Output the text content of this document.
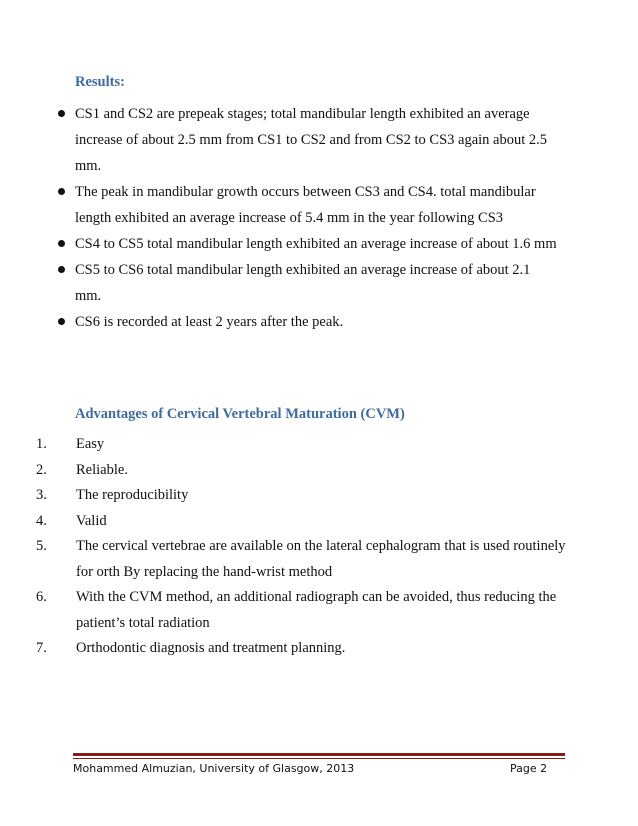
Results:
CS1 and CS2 are prepeak stages; total mandibular length exhibited an average increase of about 2.5 mm from CS1 to CS2 and from CS2 to CS3 again about 2.5 mm.
The peak in mandibular growth occurs between CS3 and CS4. total mandibular length exhibited an average increase of 5.4 mm in the year following CS3
CS4 to CS5 total mandibular length exhibited an average increase of about 1.6 mm
CS5 to CS6 total mandibular length exhibited an average increase of about 2.1 mm.
CS6 is recorded at least 2 years after the peak.
Advantages of Cervical Vertebral Maturation (CVM)
1.	Easy
2.	Reliable.
3.	The reproducibility
4.	Valid
5.	The cervical vertebrae are available on the lateral cephalogram that is used routinely for orth By replacing the hand-wrist method
6.	With the CVM method, an additional radiograph can be avoided, thus reducing the patient’s total radiation
7.	Orthodontic diagnosis and treatment planning.
Mohammed Almuzian, University of Glasgow, 2013	Page 2
